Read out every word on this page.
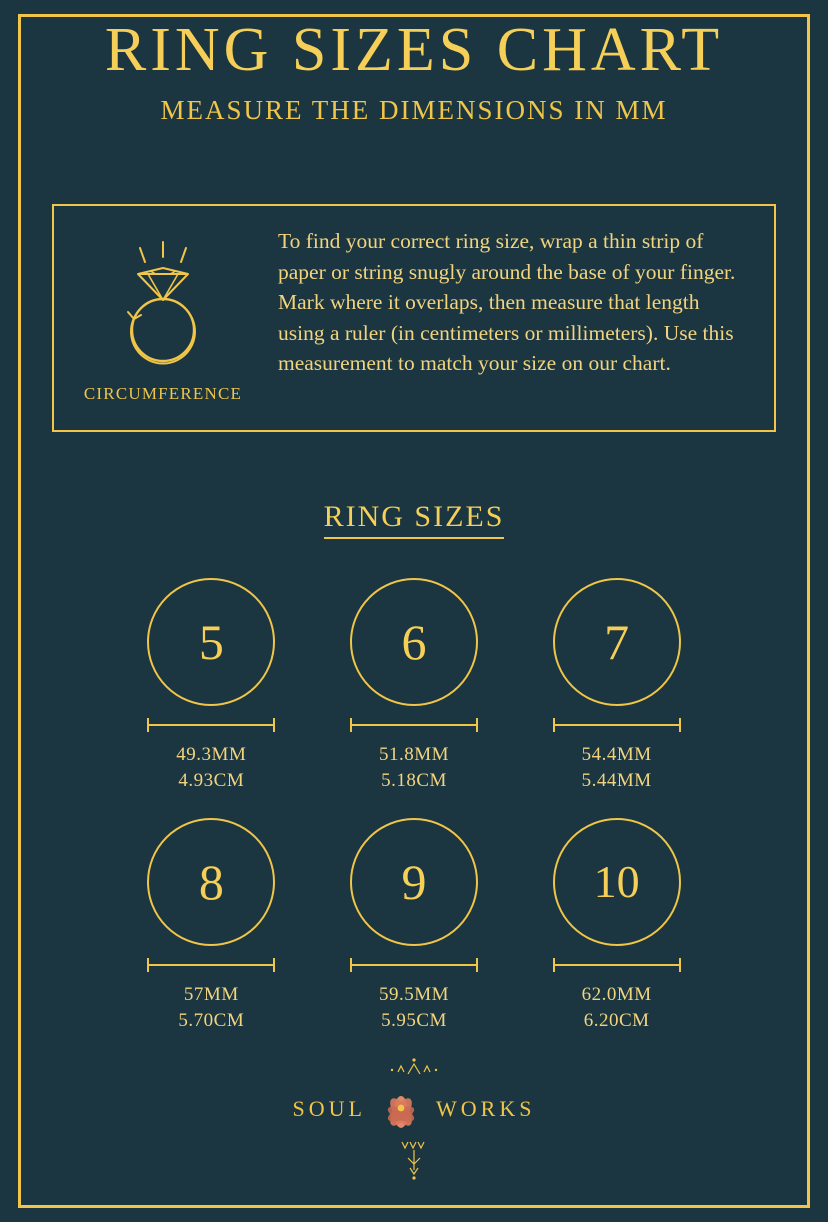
RING SIZES CHART
MEASURE THE DIMENSIONS IN MM
CIRCUMFERENCE
To find your correct ring size, wrap a thin strip of paper or string snugly around the base of your finger. Mark where it overlaps, then measure that length using a ruler (in centimeters or millimeters). Use this measurement to match your size on our chart.
RING SIZES
5
49.3MM
4.93CM
6
51.8MM
5.18CM
7
54.4MM
5.44MM
8
57MM
5.70CM
9
59.5MM
5.95CM
10
62.0MM
6.20CM
SOUL	WORKS
